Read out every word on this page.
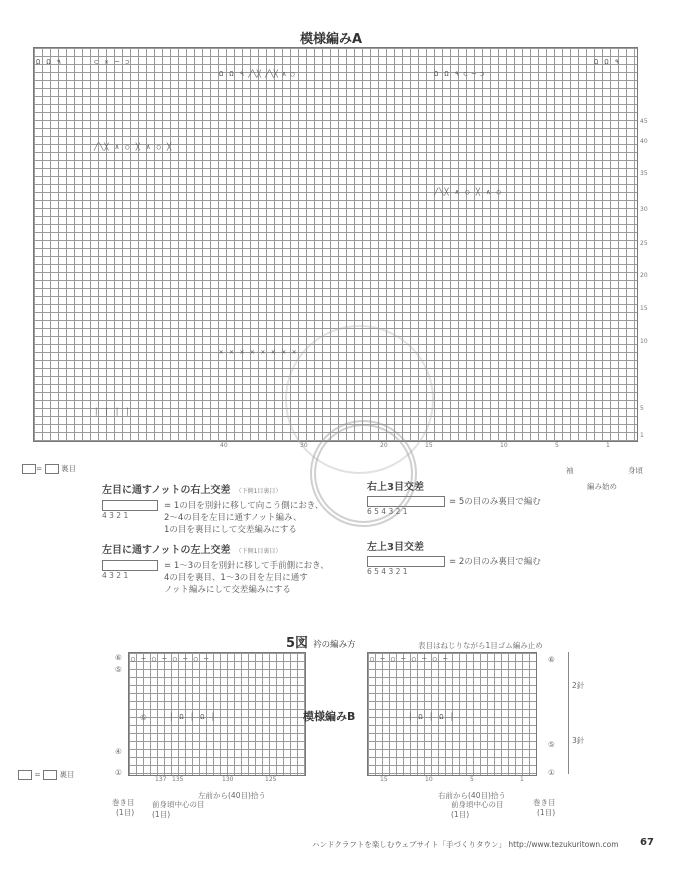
模様編みA
Ω Ω ٩	⊂ ✕ ─ ⊃
Ω Ω ٩ ╱╲╳ ╱╲╳ ∧ ○	Ω Ω ٩ ⊂ ─ ⊃
Ω Ω ٩
╱╲╳ ∧ ○ ╳ ∧ ○ ╳
╱╲╳ ∧ ○ ╳ ∧ ○
✕ ✕ ✕ ✕ ✕ ✕ ✕ ✕
│ │ │ │
45
40
35
30
25
20
15
10
5
1
40	30	20	15	10	5	1
=  裏目	袖	身頃
編み始め
左目に通すノットの右上交差 （下側1目裏目）
4 3 2 1
= 1の目を別針に移して向こう側におき、
2〜4の目を左目に通すノット編み、
1の目を裏目にして交差編みにする
左目に通すノットの左上交差 （下側1目裏目）
4 3 2 1
= 1〜3の目を別針に移して手前側におき、
4の目を裏目、1〜3の目を左目に通す
ノット編みにして交差編みにする
右上3目交差
6 5 4 3 2 1
= 5の目のみ裏目で編む
左上3目交差
6 5 4 3 2 1
= 2の目のみ裏目で編む
5図 衿の編み方	表目はねじりながら1目ゴム編み止め
○ ─ ○ ─ ○ ─ ○ ─
│ Ω │ Ω │
○ ─ ○ ─ ○ ─ ○ ─
│ Ω │ Ω │
模様編みB
⑥
⑤
⑤
④
①
⑥
⑤
①
2針
3針
137 135	130	125	15	10	5	1
=  裏目
左前から(40目)拾う	右前から(40目)拾う
巻き目
(1目)
前身頃中心の目
(1目)
前身頃中心の目
(1目)
巻き目
(1目)
ハンドクラフトを楽しむウェブサイト「手づくりタウン」 http://www.tezukuritown.com 67
